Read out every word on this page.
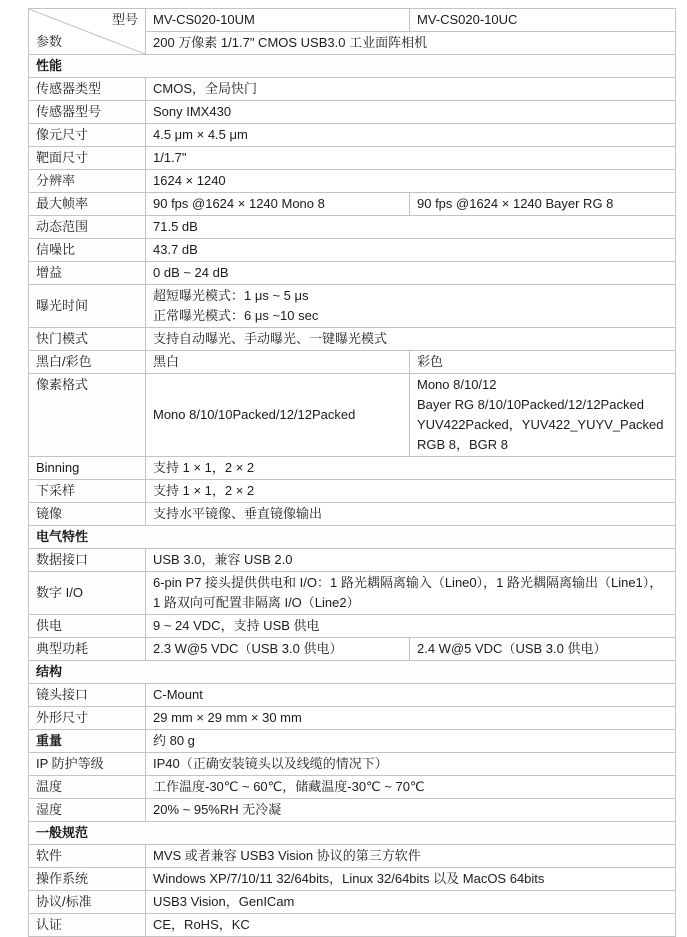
型号
参数	MV-CS020-10UM	MV-CS020-10UC
	200 万像素 1/1.7" CMOS USB3.0 工业面阵相机	
性能		
传感器类型	CMOS，全局快门	
传感器型号	Sony IMX430	
像元尺寸	4.5 μm × 4.5 μm	
靶面尺寸	1/1.7"	
分辨率	1624 × 1240	
最大帧率	90 fps @1624 × 1240 Mono 8	90 fps @1624 × 1240 Bayer RG 8
动态范围	71.5 dB	
信噪比	43.7 dB	
增益	0 dB ~ 24 dB	
曝光时间	超短曝光模式：1 μs ~ 5 μs
正常曝光模式：6 μs ~10 sec	

快门模式	支持自动曝光、手动曝光、一键曝光模式	
黑白/彩色	黑白	彩色
像素格式	Mono 8/10/10Packed/12/12Packed	Mono 8/10/12
Bayer RG 8/10/10Packed/12/12Packed
YUV422Packed，YUV422_YUYV_Packed
RGB 8，BGR 8

Binning	支持 1 × 1，2 × 2	
下采样	支持 1 × 1，2 × 2	
镜像	支持水平镜像、垂直镜像输出	
电气特性		
数据接口	USB 3.0，兼容 USB 2.0	
数字 I/O	6-pin P7 接头提供供电和 I/O：1 路光耦隔离输入（Line0），1 路光耦隔离输出（Line1），1 路双向可配置非隔离 I/O（Line2）	
供电	9 ~ 24 VDC，支持 USB 供电	
典型功耗	2.3 W@5 VDC（USB 3.0 供电）	2.4 W@5 VDC（USB 3.0 供电）
结构		
镜头接口	C-Mount	
外形尺寸	29 mm × 29 mm × 30 mm	
重量	约 80 g	
IP 防护等级	IP40（正确安装镜头以及线缆的情况下）	
温度	工作温度-30℃ ~ 60℃，储藏温度-30℃ ~ 70℃	
湿度	20% ~ 95%RH 无冷凝	
一般规范		
软件	MVS 或者兼容 USB3 Vision 协议的第三方软件	
操作系统	Windows XP/7/10/11 32/64bits，Linux 32/64bits 以及 MacOS 64bits	
协议/标准	USB3 Vision，GenICam	
认证	CE，RoHS，KC	
